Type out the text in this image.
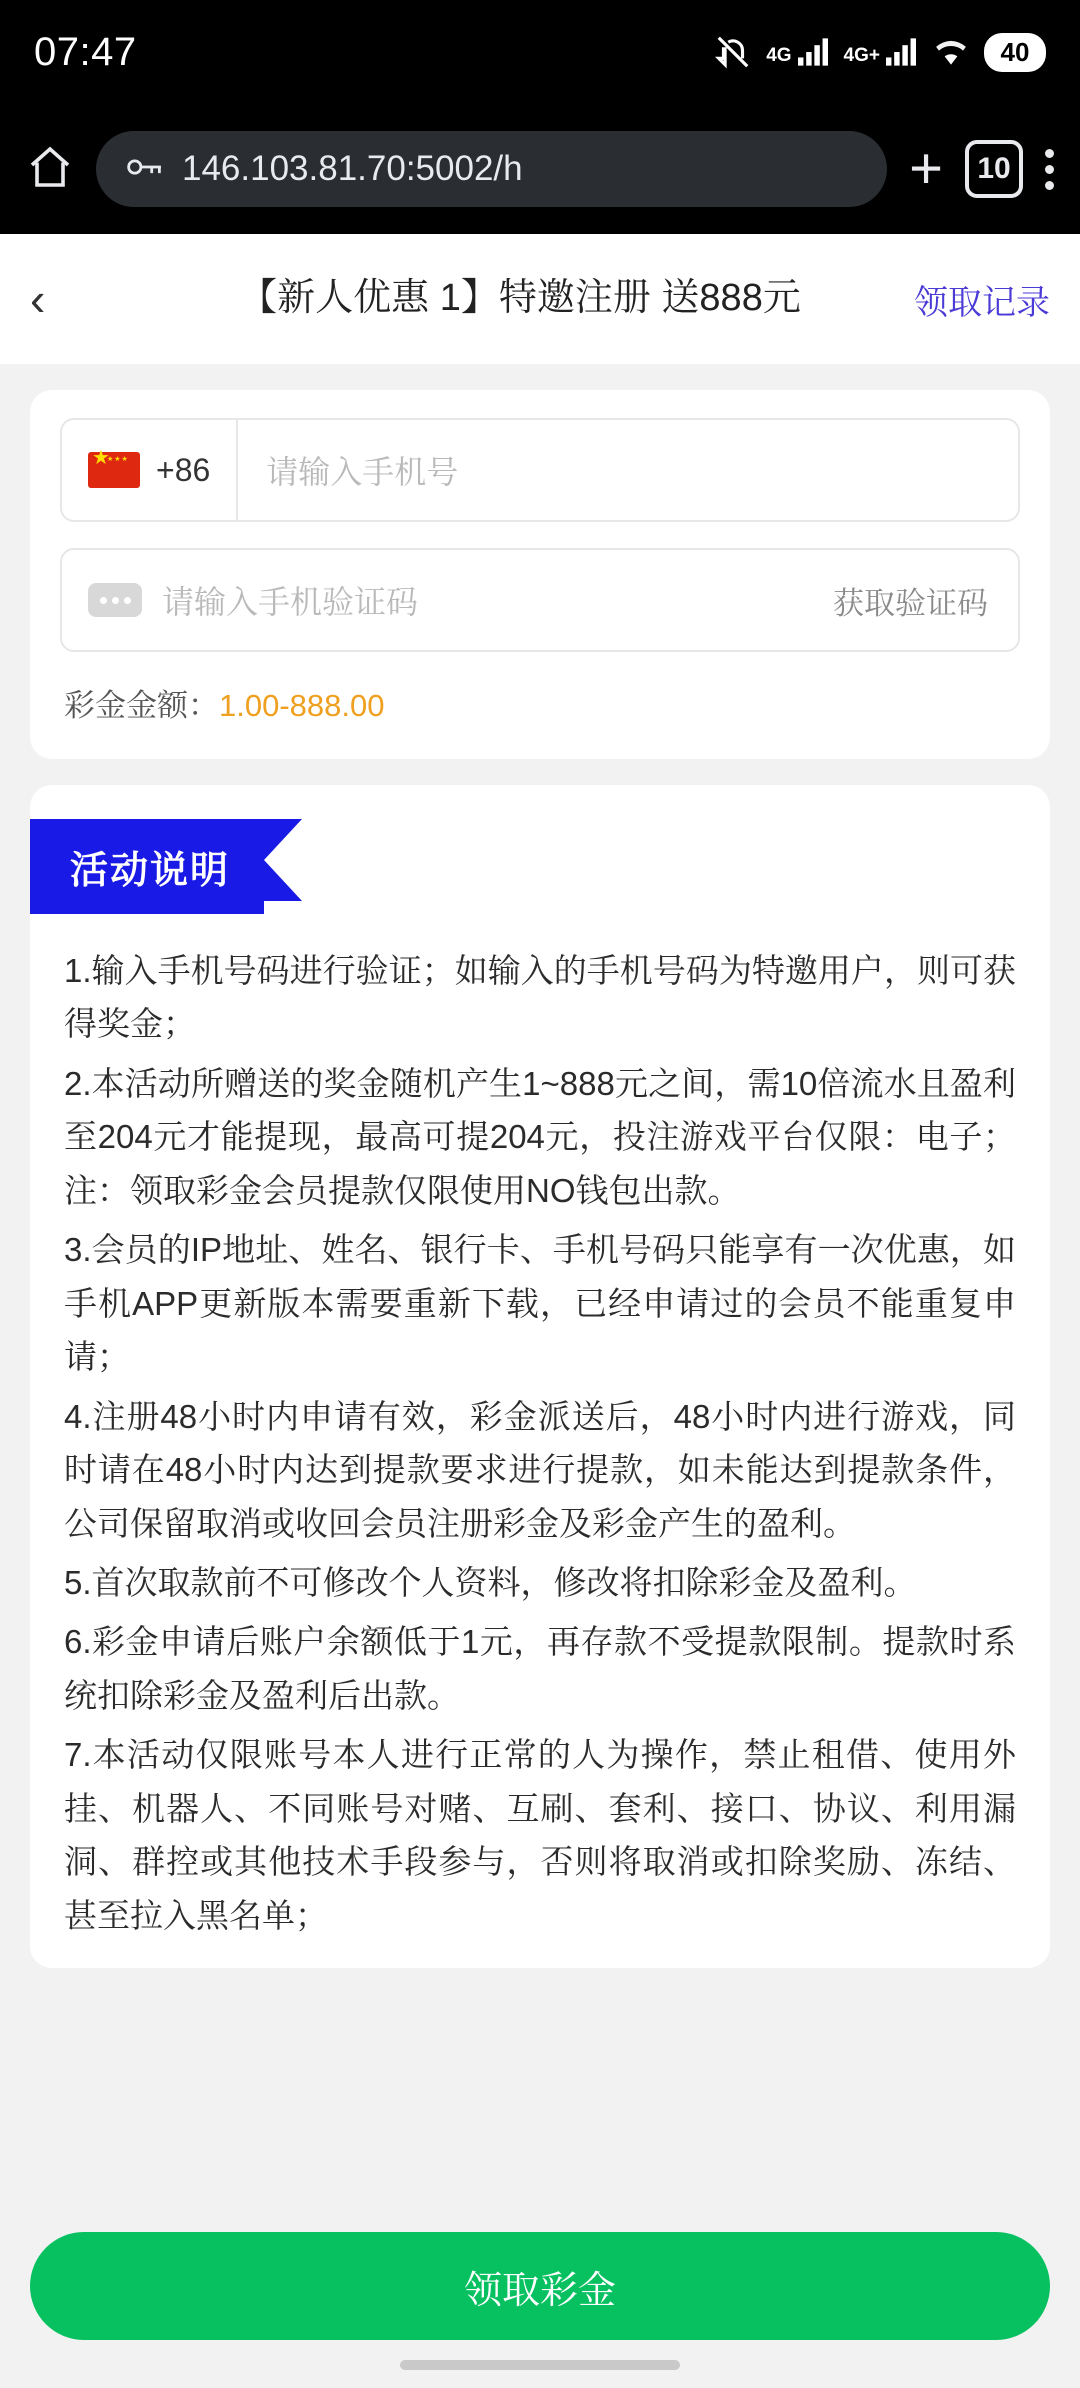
07:47	4G	4G+	40
146.103.81.70:5002/h	+	10
‹	【新人优惠 1】特邀注册 送888元	领取记录
★ ★★★
+86	请输入手机号
请输入手机验证码	获取验证码
彩金金额：1.00-888.00
活动说明

1.输入手机号码进行验证；如输入的手机号码为特邀用户，则可获得奖金；

2.本活动所赠送的奖金随机产生1~888元之间，需10倍流水且盈利至204元才能提现，最高可提204元，投注游戏平台仅限：电子；注：领取彩金会员提款仅限使用NO钱包出款。

3.会员的IP地址、姓名、银行卡、手机号码只能享有一次优惠，如手机APP更新版本需要重新下载，已经申请过的会员不能重复申请；

4.注册48小时内申请有效，彩金派送后，48小时内进行游戏，同时请在48小时内达到提款要求进行提款，如未能达到提款条件，公司保留取消或收回会员注册彩金及彩金产生的盈利。

5.首次取款前不可修改个人资料，修改将扣除彩金及盈利。

6.彩金申请后账户余额低于1元，再存款不受提款限制。提款时系统扣除彩金及盈利后出款。

7.本活动仅限账号本人进行正常的人为操作，禁止租借、使用外挂、机器人、不同账号对赌、互刷、套利、接口、协议、利用漏洞、群控或其他技术手段参与，否则将取消或扣除奖励、冻结、甚至拉入黑名单；

领取彩金
